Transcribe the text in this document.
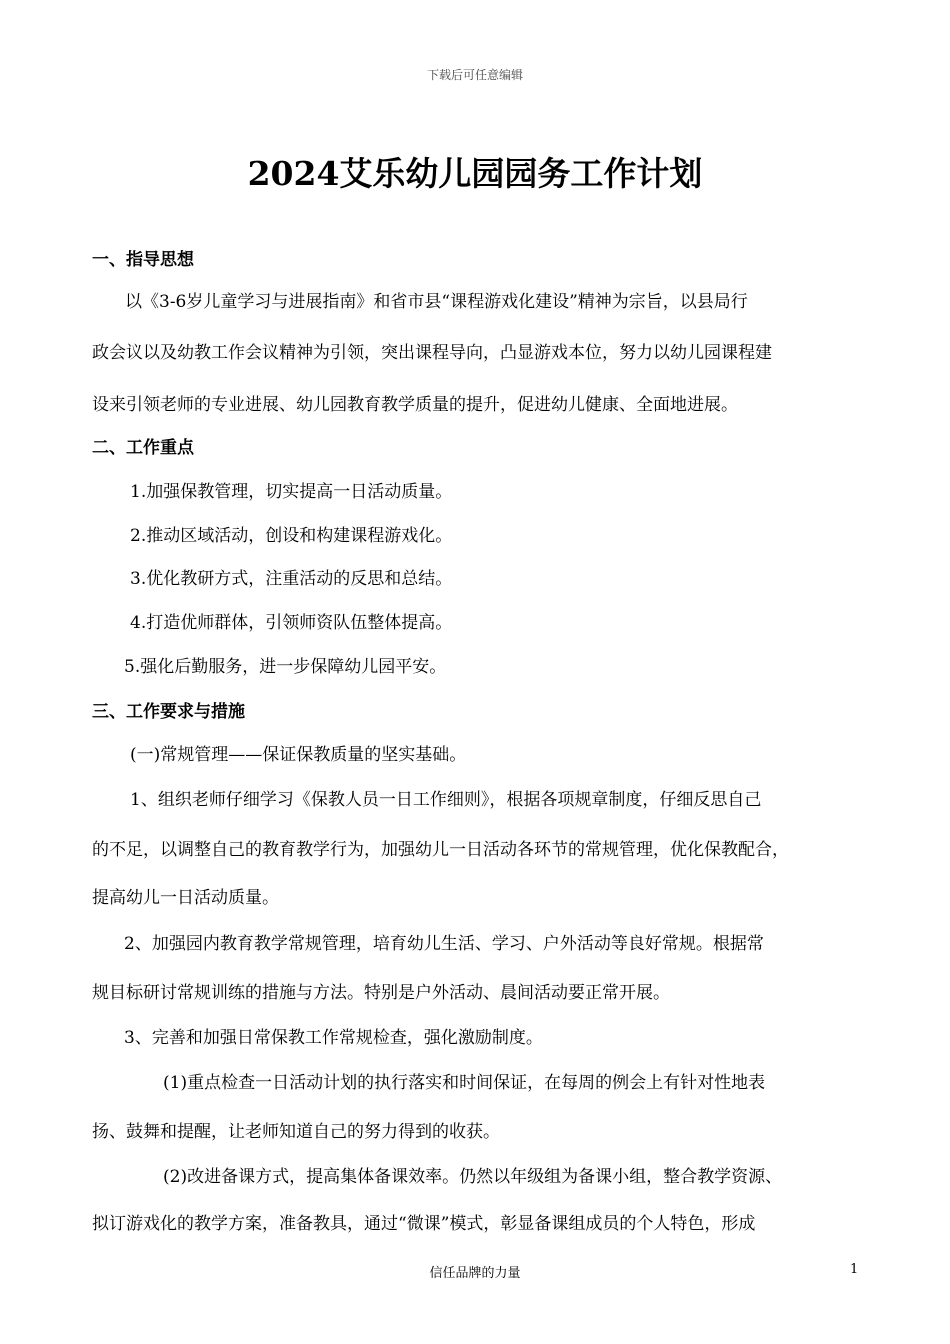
下载后可任意编辑
2024艾乐幼儿园园务工作计划
一、指导思想
以《3-6岁儿童学习与进展指南》和省市县“课程游戏化建设”精神为宗旨，以县局行
政会议以及幼教工作会议精神为引领，突出课程导向，凸显游戏本位，努力以幼儿园课程建
设来引领老师的专业进展、幼儿园教育教学质量的提升，促进幼儿健康、全面地进展。
二、工作重点
1.加强保教管理，切实提高一日活动质量。
2.推动区域活动，创设和构建课程游戏化。
3.优化教研方式，注重活动的反思和总结。
4.打造优师群体，引领师资队伍整体提高。
5.强化后勤服务，进一步保障幼儿园平安。
三、工作要求与措施
(一)常规管理——保证保教质量的坚实基础。
1、组织老师仔细学习《保教人员一日工作细则》，根据各项规章制度，仔细反思自己
的不足，以调整自己的教育教学行为，加强幼儿一日活动各环节的常规管理，优化保教配合，
提高幼儿一日活动质量。
2、加强园内教育教学常规管理，培育幼儿生活、学习、户外活动等良好常规。根据常
规目标研讨常规训练的措施与方法。特别是户外活动、晨间活动要正常开展。
3、完善和加强日常保教工作常规检查，强化激励制度。
(1)重点检查一日活动计划的执行落实和时间保证，在每周的例会上有针对性地表
扬、鼓舞和提醒，让老师知道自己的努力得到的收获。
(2)改进备课方式，提高集体备课效率。仍然以年级组为备课小组，整合教学资源、
拟订游戏化的教学方案，准备教具，通过“微课”模式，彰显备课组成员的个人特色，形成
信任品牌的力量	1
